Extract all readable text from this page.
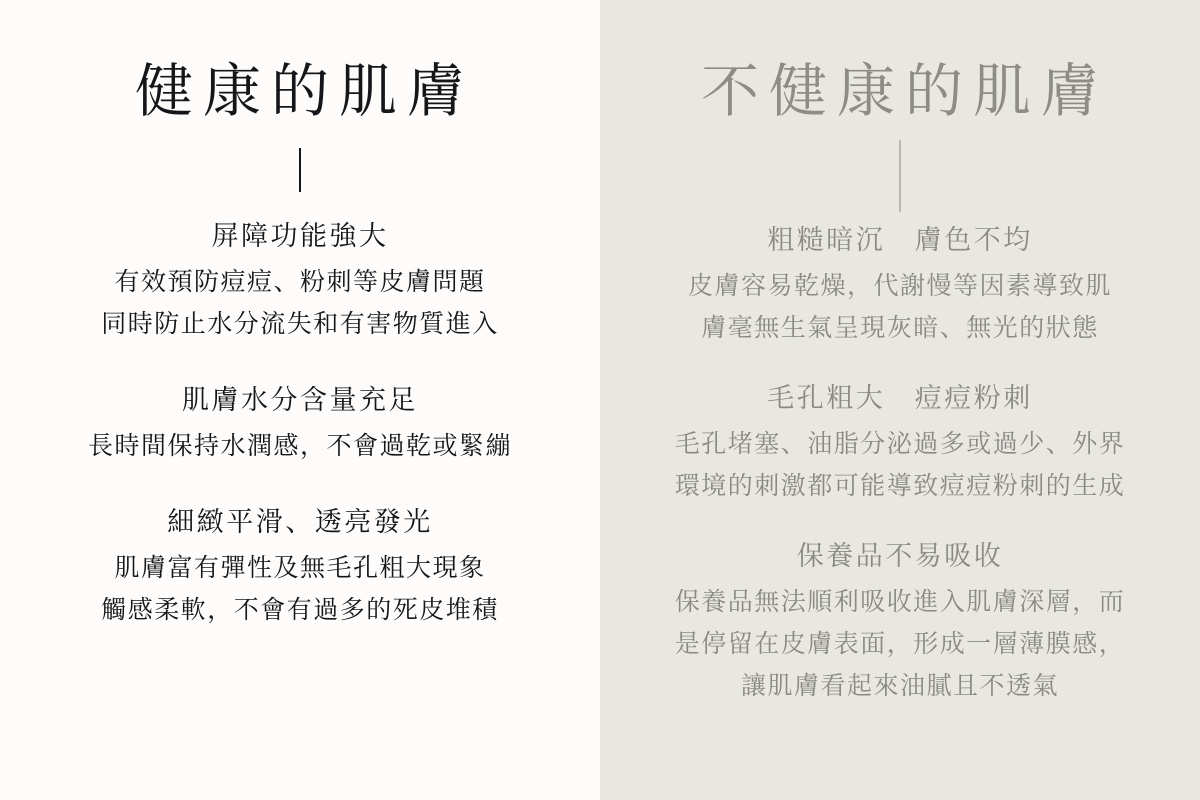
健康的肌膚

屏障功能強大

有效預防痘痘、粉刺等皮膚問題

同時防止水分流失和有害物質進入

肌膚水分含量充足

長時間保持水潤感，不會過乾或緊繃

細緻平滑、透亮發光

肌膚富有彈性及無毛孔粗大現象

觸感柔軟，不會有過多的死皮堆積

不健康的肌膚

粗糙暗沉　膚色不均

皮膚容易乾燥，代謝慢等因素導致肌

膚毫無生氣呈現灰暗、無光的狀態

毛孔粗大　痘痘粉刺

毛孔堵塞、油脂分泌過多或過少、外界

環境的刺激都可能導致痘痘粉刺的生成

保養品不易吸收

保養品無法順利吸收進入肌膚深層，而

是停留在皮膚表面，形成一層薄膜感，

讓肌膚看起來油膩且不透氣
